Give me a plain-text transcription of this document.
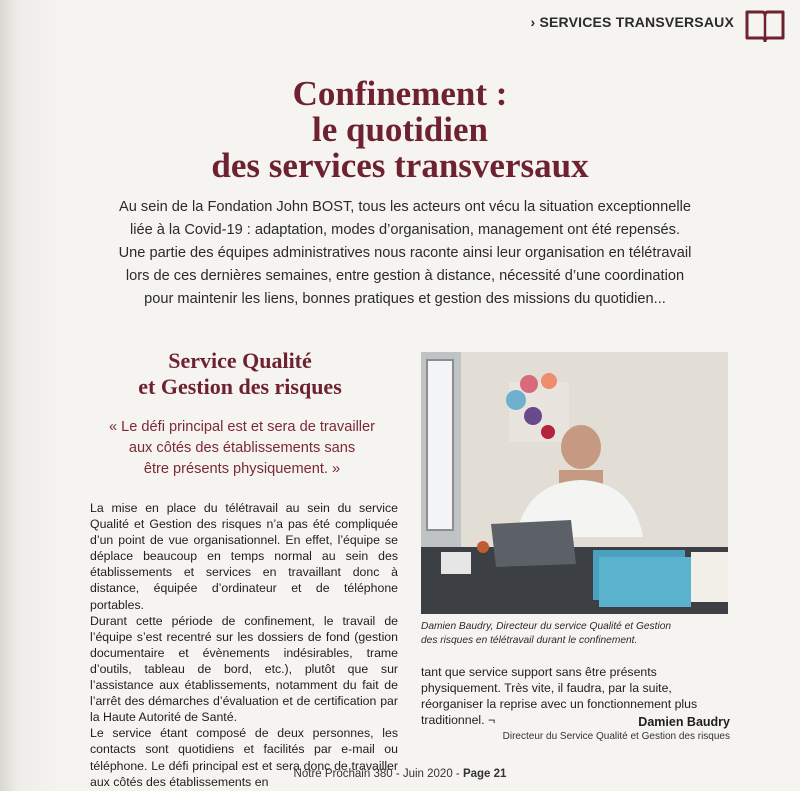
› SERVICES TRANSVERSAUX
Confinement :
le quotidien
des services transversaux
Au sein de la Fondation John BOST, tous les acteurs ont vécu la situation exceptionnelle
liée à la Covid-19 : adaptation, modes d’organisation, management ont été repensés.
Une partie des équipes administratives nous raconte ainsi leur organisation en télétravail
lors de ces dernières semaines, entre gestion à distance, nécessité d’une coordination
pour maintenir les liens, bonnes pratiques et gestion des missions du quotidien...
Service Qualité
et Gestion des risques
« Le défi principal est et sera de travailler
aux côtés des établissements sans
être présents physiquement. »

La mise en place du télétravail au sein du service Qualité et Gestion des risques n’a pas été compliquée d’un point de vue organisationnel. En effet, l’équipe se déplace beaucoup en temps normal au sein des établissements et services en travaillant donc à distance, équipée d’ordinateur et de téléphone portables.

Durant cette période de confinement, le travail de l’équipe s’est recentré sur les dossiers de fond (gestion documentaire et évènements indésirables, trame d’outils, tableau de bord, etc.), plutôt que sur l’assistance aux établissements, notamment du fait de l’arrêt des démarches d’évaluation et de certification par la Haute Autorité de Santé.

Le service étant composé de deux personnes, les contacts sont quotidiens et facilités par e-mail ou téléphone. Le défi principal est et sera donc de travailler aux côtés des établissements en

Damien Baudry, Directeur du service Qualité et Gestion
des risques en télétravail durant le confinement.
tant que service support sans être présents physiquement. Très vite, il faudra, par la suite, réorganiser la reprise avec un fonctionnement plus traditionnel. ¬	Damien Baudry
Directeur du Service Qualité et Gestion des risques
Notre Prochain 380 - Juin 2020 - Page 21
